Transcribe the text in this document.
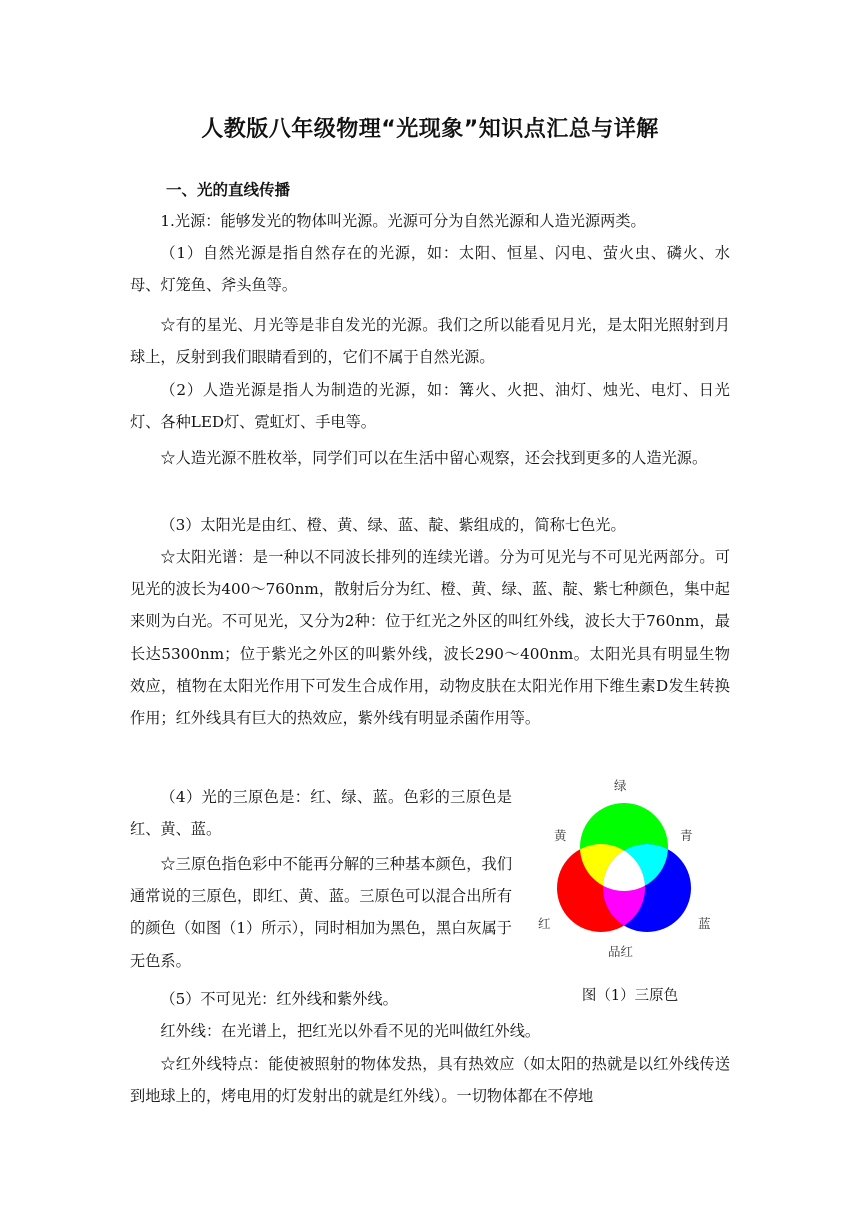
人教版八年级物理“光现象”知识点汇总与详解
一、光的直线传播

1.光源：能够发光的物体叫光源。光源可分为自然光源和人造光源两类。

（1）自然光源是指自然存在的光源，如：太阳、恒星、闪电、萤火虫、磷火、水母、灯笼鱼、斧头鱼等。

☆有的星光、月光等是非自发光的光源。我们之所以能看见月光，是太阳光照射到月球上，反射到我们眼睛看到的，它们不属于自然光源。

（2）人造光源是指人为制造的光源，如：篝火、火把、油灯、烛光、电灯、日光灯、各种LED灯、霓虹灯、手电等。

☆人造光源不胜枚举，同学们可以在生活中留心观察，还会找到更多的人造光源。

（3）太阳光是由红、橙、黄、绿、蓝、靛、紫组成的，简称七色光。

☆太阳光谱：是一种以不同波长排列的连续光谱。分为可见光与不可见光两部分。可见光的波长为400～760nm，散射后分为红、橙、黄、绿、蓝、靛、紫七种颜色，集中起来则为白光。不可见光，又分为2种：位于红光之外区的叫红外线，波长大于760nm，最长达5300nm；位于紫光之外区的叫紫外线，波长290～400nm。太阳光具有明显生物效应，植物在太阳光作用下可发生合成作用，动物皮肤在太阳光作用下维生素D发生转换作用；红外线具有巨大的热效应，紫外线有明显杀菌作用等。

（4）光的三原色是：红、绿、蓝。色彩的三原色是红、黄、蓝。

☆三原色指色彩中不能再分解的三种基本颜色，我们通常说的三原色，即红、黄、蓝。三原色可以混合出所有的颜色（如图（1）所示），同时相加为黑色，黑白灰属于无色系。

（5）不可见光：红外线和紫外线。

红外线：在光谱上，把红光以外看不见的光叫做红外线。

☆红外线特点：能使被照射的物体发热，具有热效应（如太阳的热就是以红外线传送到地球上的，烤电用的灯发射出的就是红外线）。一切物体都在不停地

绿
黄	青
红	蓝
品红
图（1）三原色
